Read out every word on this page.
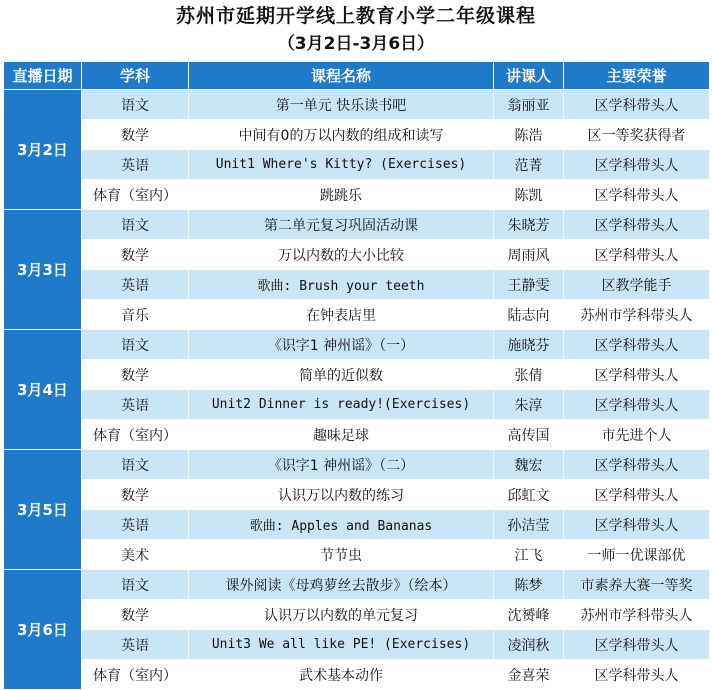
苏州市延期开学线上教育小学二年级课程
（3月2日-3月6日）
直播日期	学科	课程名称	讲课人	主要荣誉
3月2日	语文	第一单元 快乐读书吧	翁丽亚	区学科带头人
	数学	中间有0的万以内数的组成和读写	陈浩	区一等奖获得者
	英语	Unit1 Where's Kitty? (Exercises)	范菁	区学科带头人
	体育（室内）	跳跳乐	陈凯	区学科带头人
3月3日	语文	第二单元复习巩固活动课	朱晓芳	区学科带头人
	数学	万以内数的大小比较	周雨风	区学科带头人
	英语	歌曲: Brush your teeth	王静雯	区教学能手
	音乐	在钟表店里	陆志向	苏州市学科带头人
3月4日	语文	《识字1 神州谣》（一）	施晓芬	区学科带头人
	数学	简单的近似数	张倩	区学科带头人
	英语	Unit2 Dinner is ready!(Exercises)	朱淳	区学科带头人
	体育（室内）	趣味足球	高传国	市先进个人
3月5日	语文	《识字1 神州谣》（二）	魏宏	区学科带头人
	数学	认识万以内数的练习	邱虹文	区学科带头人
	英语	歌曲: Apples and Bananas	孙洁莹	区学科带头人
	美术	节节虫	江飞	一师一优课部优
3月6日	语文	课外阅读《母鸡萝丝去散步》（绘本）	陈梦	市素养大赛一等奖
	数学	认识万以内数的单元复习	沈赟峰	苏州市学科带头人
	英语	Unit3 We all like PE! (Exercises)	凌润秋	区学科带头人
	体育（室内）	武术基本动作	金喜荣	区学科带头人
